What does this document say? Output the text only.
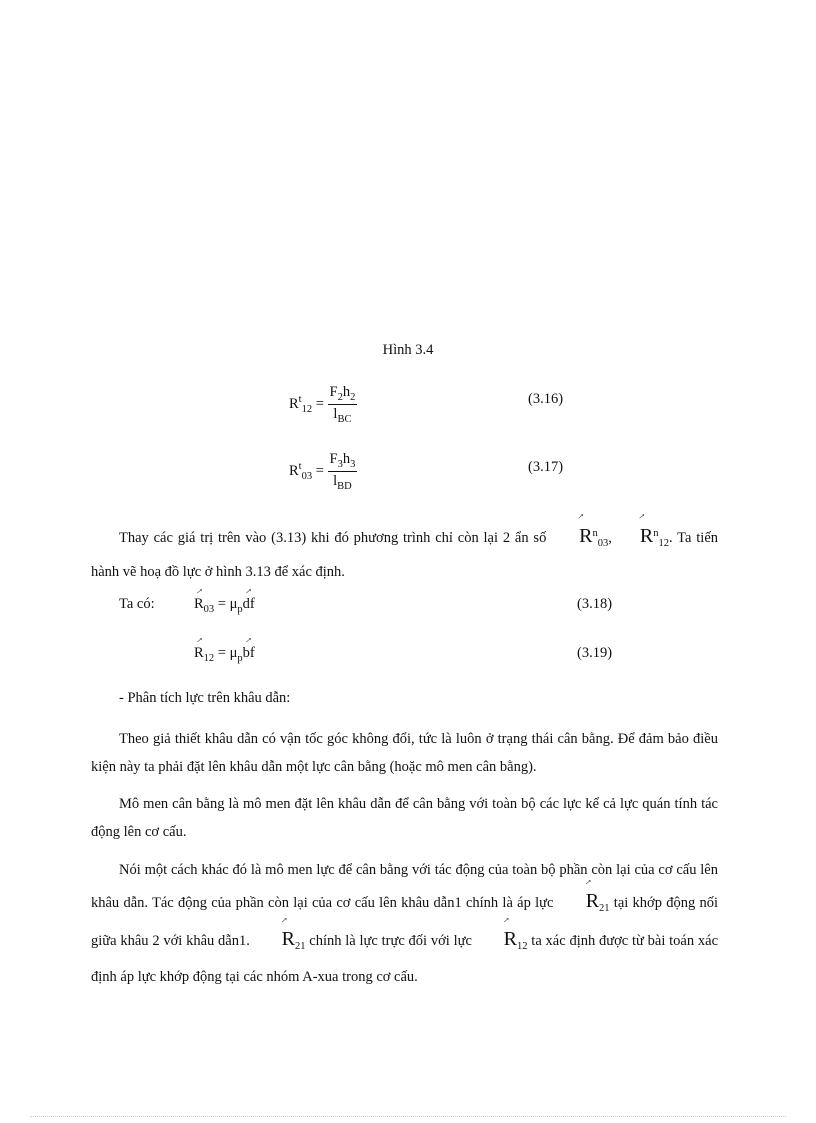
Hình 3.4
$R^t_{12} = \frac{F_2h_2}{l_{BC}}$	(3.16)
$R^t_{03} = \frac{F_3h_3}{l_{BD}}$	(3.17)
Thay các giá trị trên vào (3.13) khi đó phương trình chỉ còn lại 2 ẩn số → $R^n_{03},\to R^n_{12}$. Ta tiến hành vẽ hoạ đồ lực ở hình 3.13 để xác định.
Ta có:
→	$R_{03} = \mu_p\to$ df	(3.18)
→ $R_{12} = \mu_p\to$ bf	(3.19)
- Phân tích lực trên khâu dẫn:
Theo giả thiết khâu dẫn có vận tốc góc không đổi, tức là luôn ở trạng thái cân bằng. Để đảm bảo điều kiện này ta phải đặt lên khâu dẫn một lực cân bằng (hoặc mô men cân bằng).
Mô men cân bằng là mô men đặt lên khâu dẫn để cân bằng với toàn bộ các lực kể cả lực quán tính tác động lên cơ cấu.
Nói một cách khác đó là mô men lực để cân bằng với tác động của toàn bộ phần còn lại của cơ cấu lên khâu dẫn. Tác động của phần còn lại của cơ cấu lên khâu dẫn1 chính là áp lực → $R_{21}$ tại khớp động nối giữa khâu 2 với khâu dẫn1. → $R_{21}$ chính là lực trực đối với lực → $R_{12}$ ta xác định được từ bài toán xác định áp lực khớp động tại các nhóm A-xua trong cơ cấu.
